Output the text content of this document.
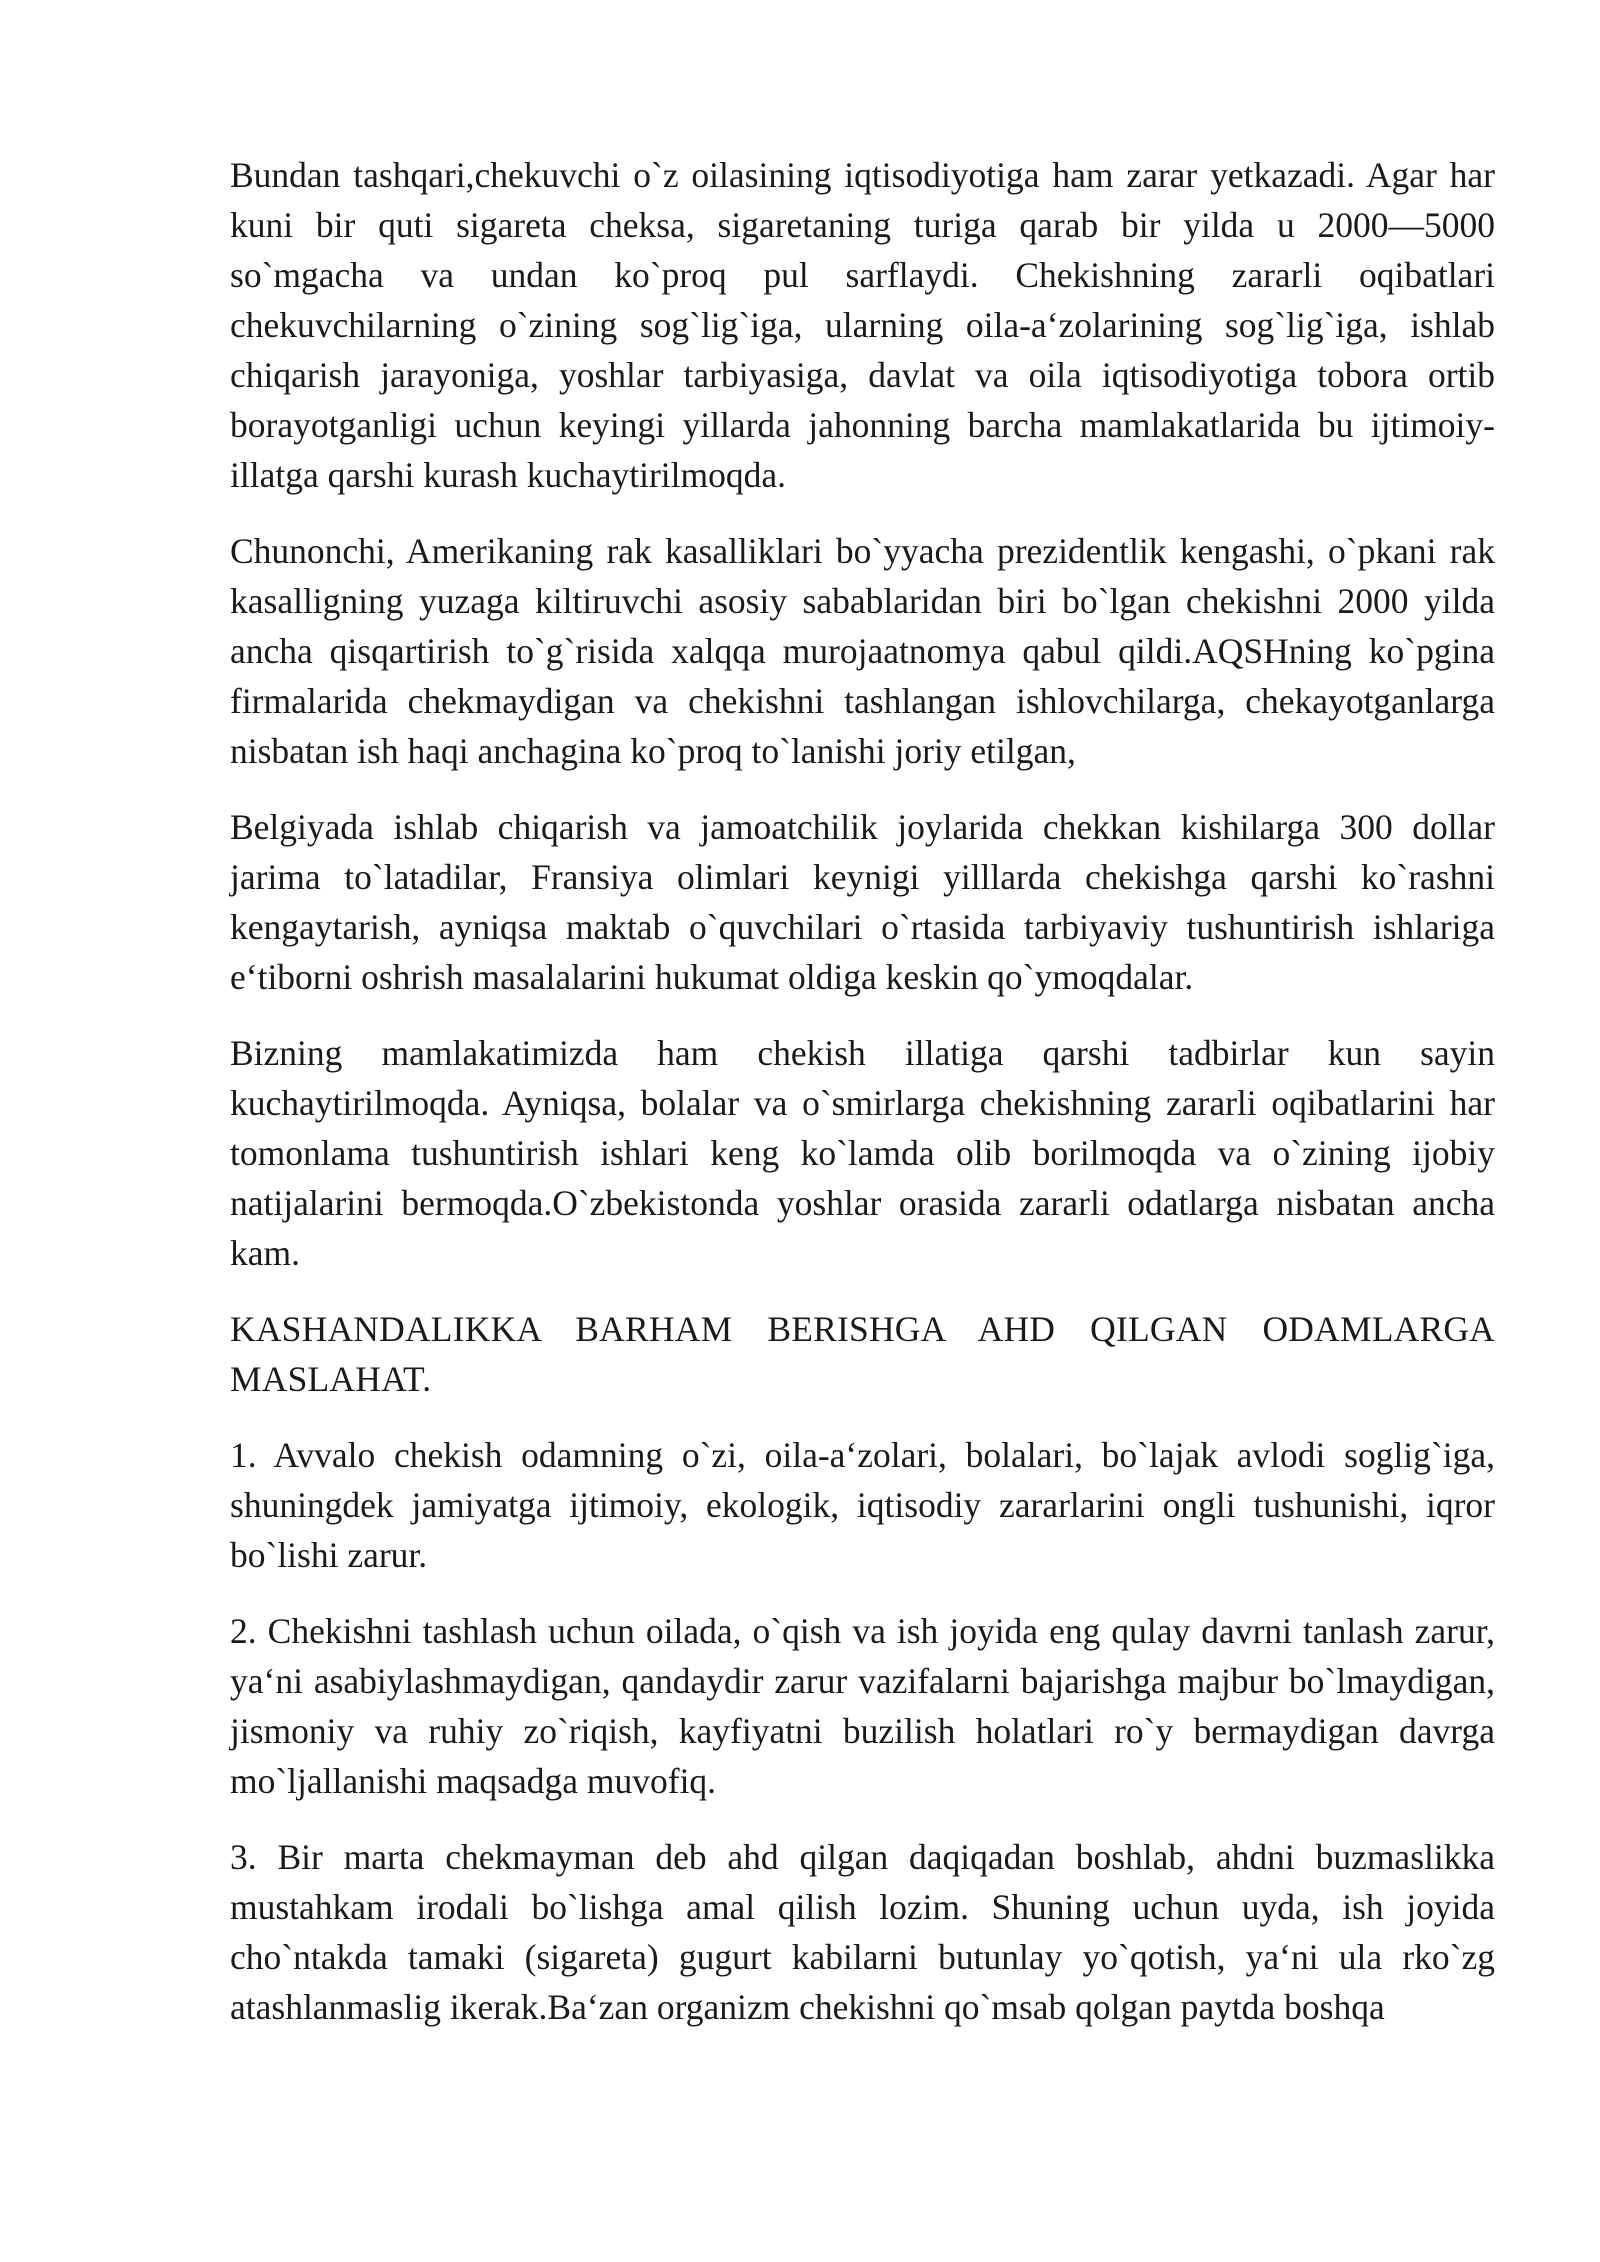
Bundan tashqari,chekuvchi o`z oilasining iqtisodiyotiga ham zarar yetkazadi. Agar har kuni bir quti sigareta cheksa, sigaretaning turiga qarab bir yilda u 2000—5000 so`mgacha va undan ko`proq pul sarflaydi. Chekishning zararli oqibatlari chekuvchilarning o`zining sog`lig`iga, ularning oila-a‘zolarining sog`lig`iga, ishlab chiqarish jarayoniga, yoshlar tarbiyasiga, davlat va oila iqtisodiyotiga tobora ortib borayotganligi uchun keyingi yillarda jahonning barcha mamlakatlarida bu ijtimoiy-illatga qarshi kurash kuchaytirilmoqda.

Chunonchi, Amerikaning rak kasalliklari bo`yyacha prezidentlik kengashi, o`pkani rak kasalligning yuzaga kiltiruvchi asosiy sabablaridan biri bo`lgan chekishni 2000 yilda ancha qisqartirish to`g`risida xalqqa murojaatnomya qabul qildi.AQSHning ko`pgina firmalarida chekmaydigan va chekishni tashlangan ishlovchilarga, chekayotganlarga nisbatan ish haqi anchagina ko`proq to`lanishi joriy etilgan,

Belgiyada ishlab chiqarish va jamoatchilik joylarida chekkan kishilarga 300 dollar jarima to`latadilar, Fransiya olimlari keynigi yilllarda chekishga qarshi ko`rashni kengaytarish, ayniqsa maktab o`quvchilari o`rtasida tarbiyaviy tushuntirish ishlariga e‘tiborni oshrish masalalarini hukumat oldiga keskin qo`ymoqdalar.

Bizning mamlakatimizda ham chekish illatiga qarshi tadbirlar kun sayin kuchaytirilmoqda. Ayniqsa, bolalar va o`smirlarga chekishning zararli oqibatlarini har tomonlama tushuntirish ishlari keng ko`lamda olib borilmoqda va o`zining ijobiy natijalarini bermoqda.O`zbekistonda yoshlar orasida zararli odatlarga nisbatan ancha kam.

KASHANDALIKKA BARHAM BERISHGA AHD QILGAN ODAMLARGA MASLAHAT.

1. Avvalo chekish odamning o`zi, oila-a‘zolari, bolalari, bo`lajak avlodi soglig`iga, shuningdek jamiyatga ijtimoiy, ekologik, iqtisodiy zararlarini ongli tushunishi, iqror bo`lishi zarur.

2. Chekishni tashlash uchun oilada, o`qish va ish joyida eng qulay davrni tanlash zarur, ya‘ni asabiylashmaydigan, qandaydir zarur vazifalarni bajarishga majbur bo`lmaydigan, jismoniy va ruhiy zo`riqish, kayfiyatni buzilish holatlari ro`y bermaydigan davrga mo`ljallanishi maqsadga muvofiq.

3. Bir marta chekmayman deb ahd qilgan daqiqadan boshlab, ahdni buzmaslikka mustahkam irodali bo`lishga amal qilish lozim. Shuning uchun uyda, ish joyida cho`ntakda tamaki (sigareta) gugurt kabilarni butunlay yo`qotish, ya‘ni ula rko`zg atashlanmaslig ikerak.Ba‘zan organizm chekishni qo`msab qolgan paytda boshqa
